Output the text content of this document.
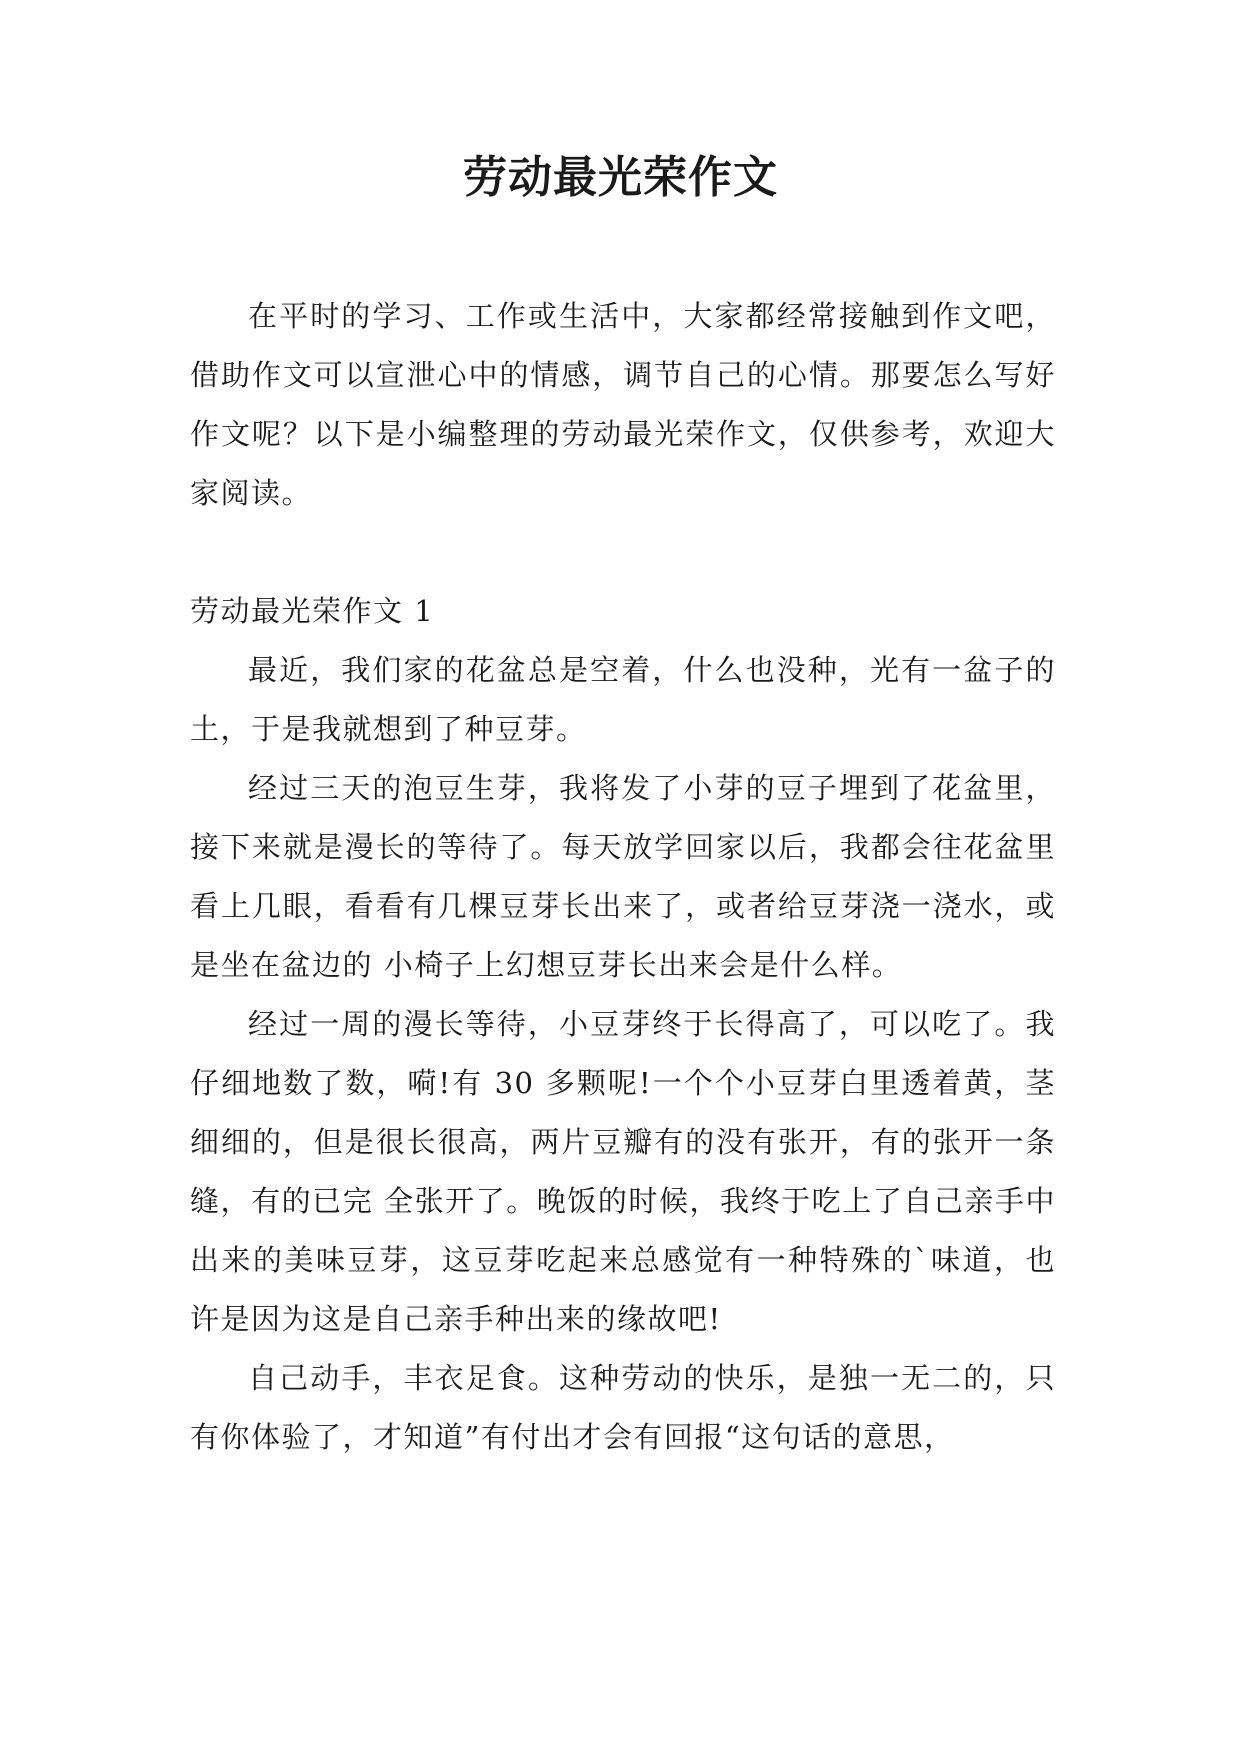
劳动最光荣作文

在平时的学习、工作或生活中，大家都经常接触到作文吧，借助作文可以宣泄心中的情感，调节自己的心情。那要怎么写好作文呢？以下是小编整理的劳动最光荣作文，仅供参考，欢迎大家阅读。

劳动最光荣作文 1

最近，我们家的花盆总是空着，什么也没种，光有一盆子的土，于是我就想到了种豆芽。

经过三天的泡豆生芽，我将发了小芽的豆子埋到了花盆里，接下来就是漫长的等待了。每天放学回家以后，我都会往花盆里看上几眼，看看有几棵豆芽长出来了，或者给豆芽浇一浇水，或是坐在盆边的 小椅子上幻想豆芽长出来会是什么样。

经过一周的漫长等待，小豆芽终于长得高了，可以吃了。我仔细地数了数，嗬!有 30 多颗呢!一个个小豆芽白里透着黄，茎细细的，但是很长很高，两片豆瓣有的没有张开，有的张开一条缝，有的已完 全张开了。晚饭的时候，我终于吃上了自己亲手中出来的美味豆芽，这豆芽吃起来总感觉有一种特殊的`味道，也许是因为这是自己亲手种出来的缘故吧!

自己动手，丰衣足食。这种劳动的快乐，是独一无二的，只有你体验了，才知道”有付出才会有回报“这句话的意思，
